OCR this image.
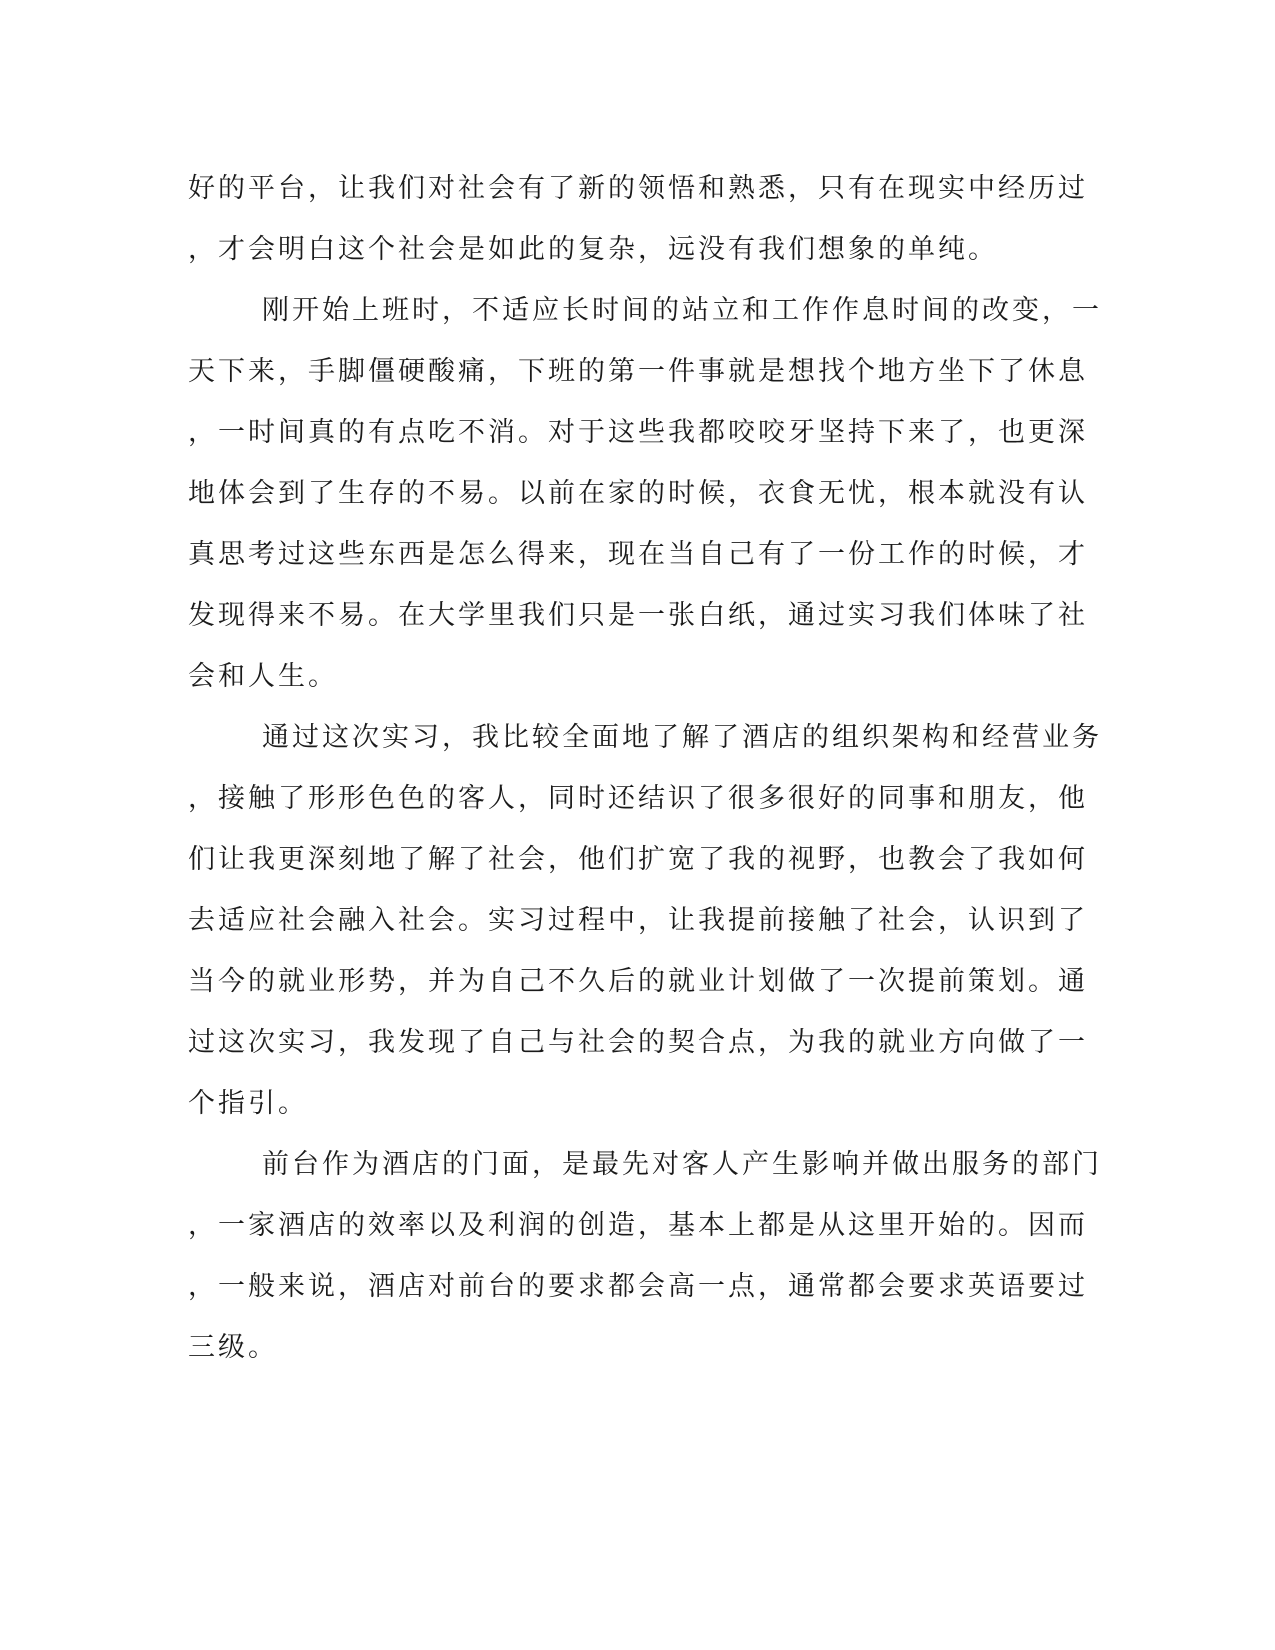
好的平台，让我们对社会有了新的领悟和熟悉，只有在现实中经历过
，才会明白这个社会是如此的复杂，远没有我们想象的单纯。
刚开始上班时，不适应长时间的站立和工作作息时间的改变，一
天下来，手脚僵硬酸痛，下班的第一件事就是想找个地方坐下了休息
，一时间真的有点吃不消。对于这些我都咬咬牙坚持下来了，也更深
地体会到了生存的不易。以前在家的时候，衣食无忧，根本就没有认
真思考过这些东西是怎么得来，现在当自己有了一份工作的时候，才
发现得来不易。在大学里我们只是一张白纸，通过实习我们体味了社
会和人生。
通过这次实习，我比较全面地了解了酒店的组织架构和经营业务
，接触了形形色色的客人，同时还结识了很多很好的同事和朋友，他
们让我更深刻地了解了社会，他们扩宽了我的视野，也教会了我如何
去适应社会融入社会。实习过程中，让我提前接触了社会，认识到了
当今的就业形势，并为自己不久后的就业计划做了一次提前策划。通
过这次实习，我发现了自己与社会的契合点，为我的就业方向做了一
个指引。
前台作为酒店的门面，是最先对客人产生影响并做出服务的部门
，一家酒店的效率以及利润的创造，基本上都是从这里开始的。因而
，一般来说，酒店对前台的要求都会高一点，通常都会要求英语要过
三级。
